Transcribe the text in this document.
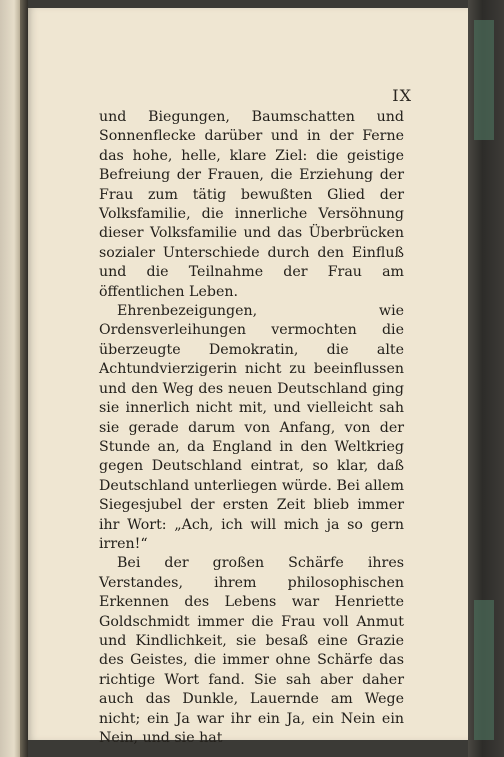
IX

und Biegungen, Baumschatten und Sonnenflecke darüber und in der Ferne das hohe, helle, klare Ziel: die geistige Befreiung der Frauen, die Erziehung der Frau zum tätig bewußten Glied der Volksfamilie, die innerliche Versöhnung dieser Volksfamilie und das Überbrücken sozialer Unterschiede durch den Einfluß und die Teilnahme der Frau am öffentlichen Leben.

Ehrenbezeigungen, wie Ordensverleihungen vermochten die überzeugte Demokratin, die alte Achtundvierzigerin nicht zu beeinflussen und den Weg des neuen Deutschland ging sie innerlich nicht mit, und vielleicht sah sie gerade darum von Anfang, von der Stunde an, da England in den Weltkrieg gegen Deutschland eintrat, so klar, daß Deutschland unterliegen würde. Bei allem Siegesjubel der ersten Zeit blieb immer ihr Wort: „Ach, ich will mich ja so gern irren!“

Bei der großen Schärfe ihres Verstandes, ihrem philosophischen Erkennen des Lebens war Henriette Goldschmidt immer die Frau voll Anmut und Kindlichkeit, sie besaß eine Grazie des Geistes, die immer ohne Schärfe das richtige Wort fand. Sie sah aber daher auch das Dunkle, Lauernde am Wege nicht; ein Ja war ihr ein Ja, ein Nein ein Nein, und sie hat
